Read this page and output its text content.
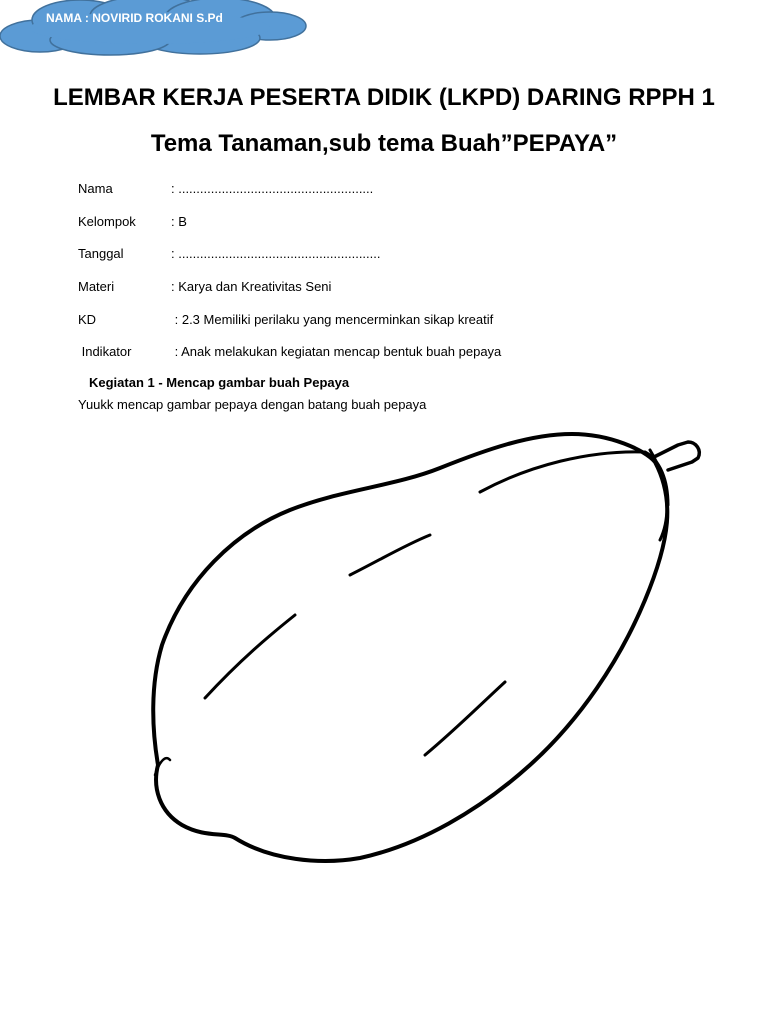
NAMA : NOVIRID ROKANI S.Pd
LEMBAR KERJA PESERTA DIDIK (LKPD) DARING RPPH 1
Tema Tanaman,sub tema Buah”PEPAYA”
Nama	: ......................................................
Kelompok	: B
Tanggal	: ........................................................
Materi	: Karya dan Kreativitas Seni
KD	: 2.3 Memiliki perilaku yang mencerminkan sikap kreatif
Indikator	: Anak melakukan kegiatan mencap bentuk buah pepaya
Kegiatan 1 - Mencap gambar buah Pepaya
Yuukk mencap gambar pepaya dengan batang buah pepaya
